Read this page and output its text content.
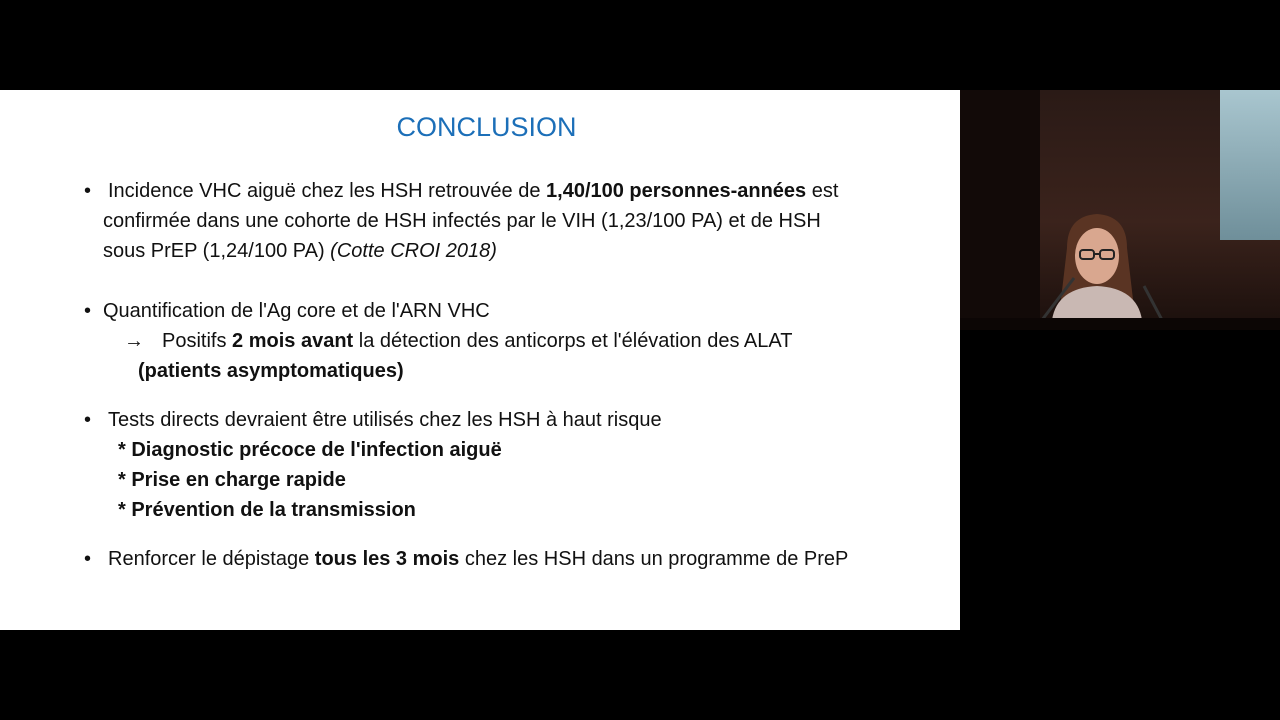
CONCLUSION
• Incidence VHC aiguë chez les HSH retrouvée de 1,40/100 personnes-années est
confirmée dans une cohorte de HSH infectés par le VIH (1,23/100 PA) et de HSH
sous PrEP (1,24/100 PA) (Cotte CROI 2018)
• Quantification de l'Ag core et de l'ARN VHC
→ Positifs 2 mois avant la détection des anticorps et l'élévation des ALAT
(patients asymptomatiques)
• Tests directs devraient être utilisés chez les HSH à haut risque
* Diagnostic précoce de l'infection aiguë
* Prise en charge rapide
* Prévention de la transmission
• Renforcer le dépistage tous les 3 mois chez les HSH dans un programme de PreP
